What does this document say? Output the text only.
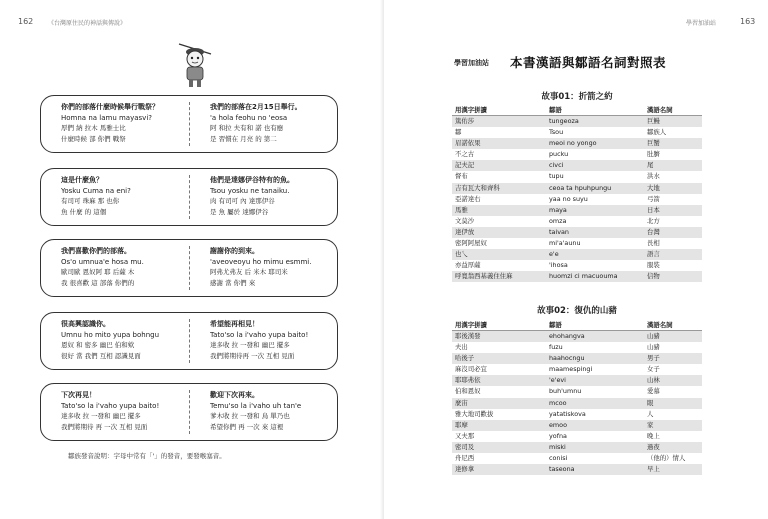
162 《台灣原住民的神話與傳說》
你們的部落什麼時候舉行戰祭？
Homna na lamu mayasvi?
厚們 納 拉木 馬雅士比
什麼時候 部 你們 戰祭
我們的部落在2月15日舉行。
'a hola feohu no 'eosa
阿 和拉 夫有和 諾 也有應
是 習慣在 月亮 的 第二
這是什麼魚？
Yosku Cuma na eni?
有司可 珠麻 那 也你
魚 什麼 的 這個
他們是達娜伊谷特有的魚。
Tsou yosku ne tanaiku.
肉 有司可 內 達那伊谷
是 魚 屬於 達娜伊谷
我們喜歡你們的部落。
Os'o umnua'e hosa mu.
歐司歐 恩奴阿 耶 后薩 木
我 很喜歡 這 部落 你們的
謝謝你的到來。
'aveoveoyu ho mimu esmmi.
阿弗尤弗友 后 米木 耶司米
感謝 當 你們 來
很高興認識你。
Umnu ho mito yupa bohngu
恩奴 和 密多 幽巴 伯和欸
很好 當 我們 互相 認識見面
希望能再相見！
Tato'so la i'vaho yupa baito!
達多收 拉 一發和 幽巴 擺多
我們將期待再 一次 互相 見面
下次再見！
Tato'so la i'vaho yupa baito!
達多收 拉 一發和 幽巴 擺多
我們將期待 再 一次 互相 見面
歡迎下次再來。
Temu'so la i'vaho uh tan'e
爹木收 拉 一發和 烏 單乃也
希望你們 再 一次 來 這裡
鄒族發音說明：字母中常有「'」的發音，要發喉塞音。
學習加油站	163
學習加油站 本書漢語與鄒語名詞對照表
故事01：折箭之約
用漢字拼讀	鄒語	漢語名詞
篤佑莎	tungeoza	巨鰻
鄒	Tsou	鄒族人
眉諾依果	meoi no yongo	巨蟹
不之古	pucku	肚臍
記夫記	civci	尾
督布	tupu	洪水
吉有瓦大和齊科	ceoa ta hpuhpungu	大地
亞諾達右	yaa no suyu	弓箭
馬雅	maya	日本
文莫沙	omza	北方
達伊放	taivan	台灣
密阿阿屋奴	mi'a'aunu	長相
也乀	e'e	語言
亦益厚薩	'ihosa	服裝
呼寬翁西基義住住麻	huomzi ci macuouma	信物
故事02：復仇的山豬
用漢字拼讀	鄒語	漢語名詞
耶後漢發	ehohangva	山豬
夫出	fuzu	山豬
哈後子	haahocngu	男子
麻沒司必宜	maamespingi	女子
耶耶弗依	'e'evi	山林
伯和恩奴	buh'umnu	愛慕
麼宙	mcoo	眼
雅大地司歡拔	yatatiskova	人
耶摩	emoo	家
又夫那	yofna	晚上
密司及	miski	過夜
舟尼西	conisi	（他的）情人
達修拿	taseona	早上
